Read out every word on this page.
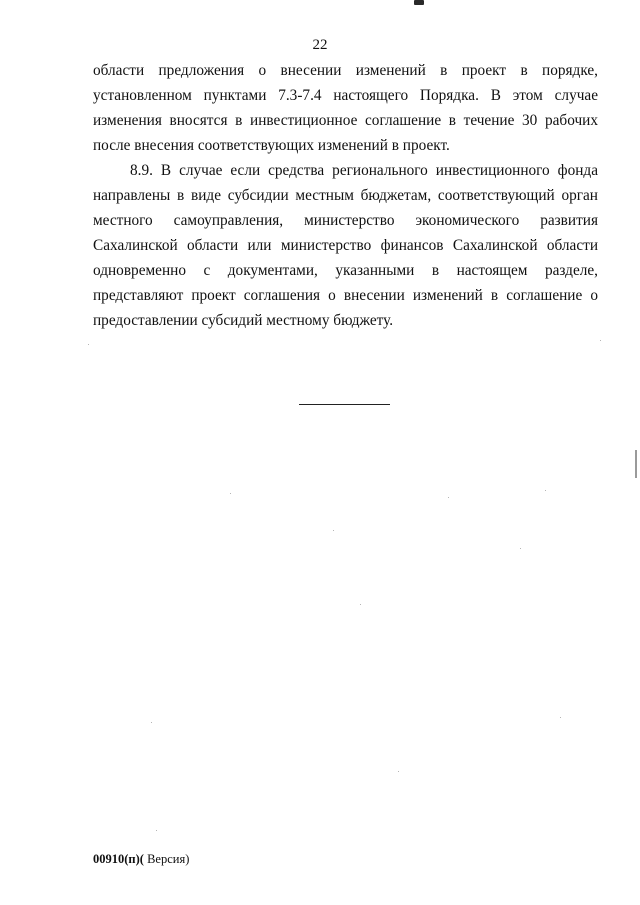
22
области предложения о внесении изменений в проект в порядке,
установленном пунктами 7.3-7.4 настоящего Порядка. В этом случае
изменения вносятся в инвестиционное соглашение в течение 30 рабочих
после внесения соответствующих изменений в проект.
8.9. В случае если средства регионального инвестиционного фонда
направлены в виде субсидии местным бюджетам, соответствующий орган
местного самоуправления, министерство экономического развития
Сахалинской области или министерство финансов Сахалинской области
одновременно с документами, указанными в настоящем разделе,
представляют проект соглашения о внесении изменений в соглашение о
предоставлении субсидий местному бюджету.
00910(п)( Версия)
